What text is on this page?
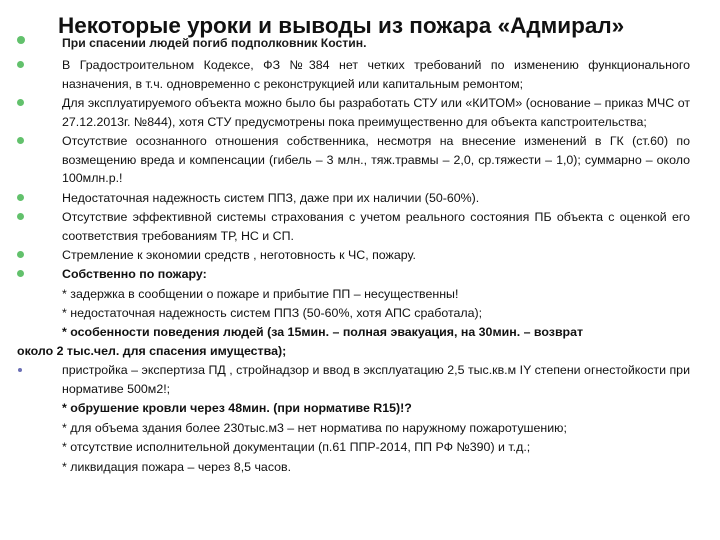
Некоторые уроки и выводы из пожара «Адмирал»
При спасении людей погиб подполковник Костин.
В Градостроительном Кодексе, ФЗ №384 нет четких требований по изменению функционального назначения, в т.ч. одновременно с реконструкцией или капитальным ремонтом;
Для эксплуатируемого объекта можно было бы разработать СТУ или «КИТОМ» (основание – приказ МЧС от 27.12.2013г. №844), хотя СТУ предусмотрены пока преимущественно для объекта капстроительства;
Отсутствие осознанного отношения собственника, несмотря на внесение изменений в ГК (ст.60) по возмещению вреда и компенсации (гибель – 3 млн., тяж.травмы – 2,0, ср.тяжести – 1,0); суммарно – около 100млн.р.!
Недостаточная надежность систем ППЗ, даже при их наличии (50-60%).
Отсутствие эффективной системы страхования с учетом реального состояния ПБ объекта с оценкой его соответствия требованиям ТР, НС и СП.
Стремление к экономии средств , неготовность к ЧС, пожару.
Собственно по пожару:
* задержка в сообщении о пожаре и прибытие ПП – несущественны!
* недостаточная надежность систем ППЗ (50-60%, хотя АПС сработала);
* особенности поведения людей (за 15мин. – полная эвакуация, на 30мин. – возврат
около 2 тыс.чел. для спасения имущества);
пристройка – экспертиза ПД , стройнадзор и ввод в эксплуатацию 2,5 тыс.кв.м IY степени огнестойкости при нормативе 500м2!;
* обрушение кровли через 48мин. (при нормативе R15)!?
* для объема здания более 230тыс.м3 – нет норматива по наружному пожаротушению;
* отсутствие исполнительной документации (п.61 ППР-2014, ПП РФ №390) и т.д.;
* ликвидация пожара – через 8,5 часов.
